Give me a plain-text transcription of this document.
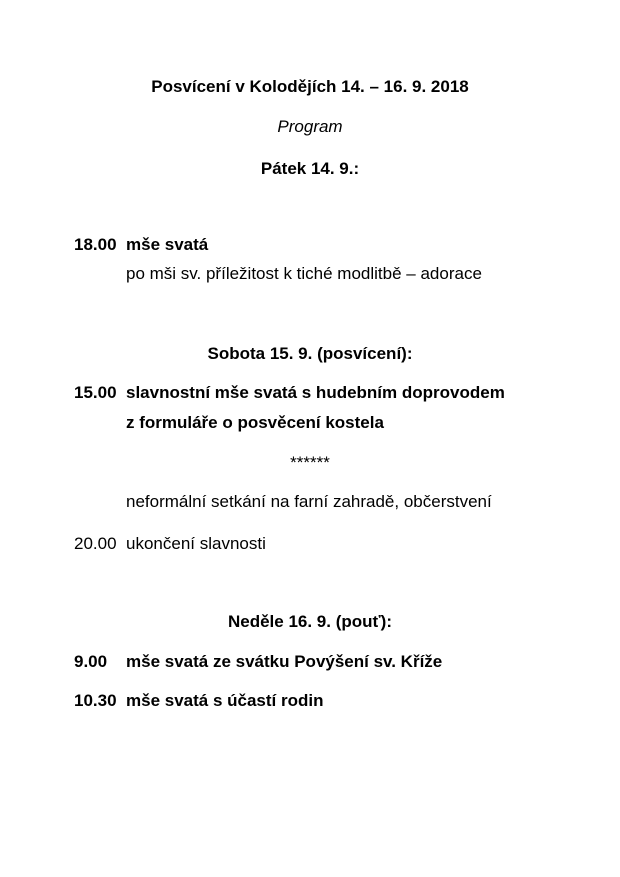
Posvícení v Kolodějích 14. – 16. 9. 2018
Program
Pátek 14. 9.:
18.00 mše svatá
po mši sv. příležitost k tiché modlitbě – adorace
Sobota 15. 9. (posvícení):
15.00 slavnostní mše svatá s hudebním doprovodem
z formuláře o posvěcení kostela
******
neformální setkání na farní zahradě, občerstvení
20.00 ukončení slavnosti
Neděle 16. 9. (pouť):
9.00 mše svatá ze svátku Povýšení sv. Kříže
10.30 mše svatá s účastí rodin
